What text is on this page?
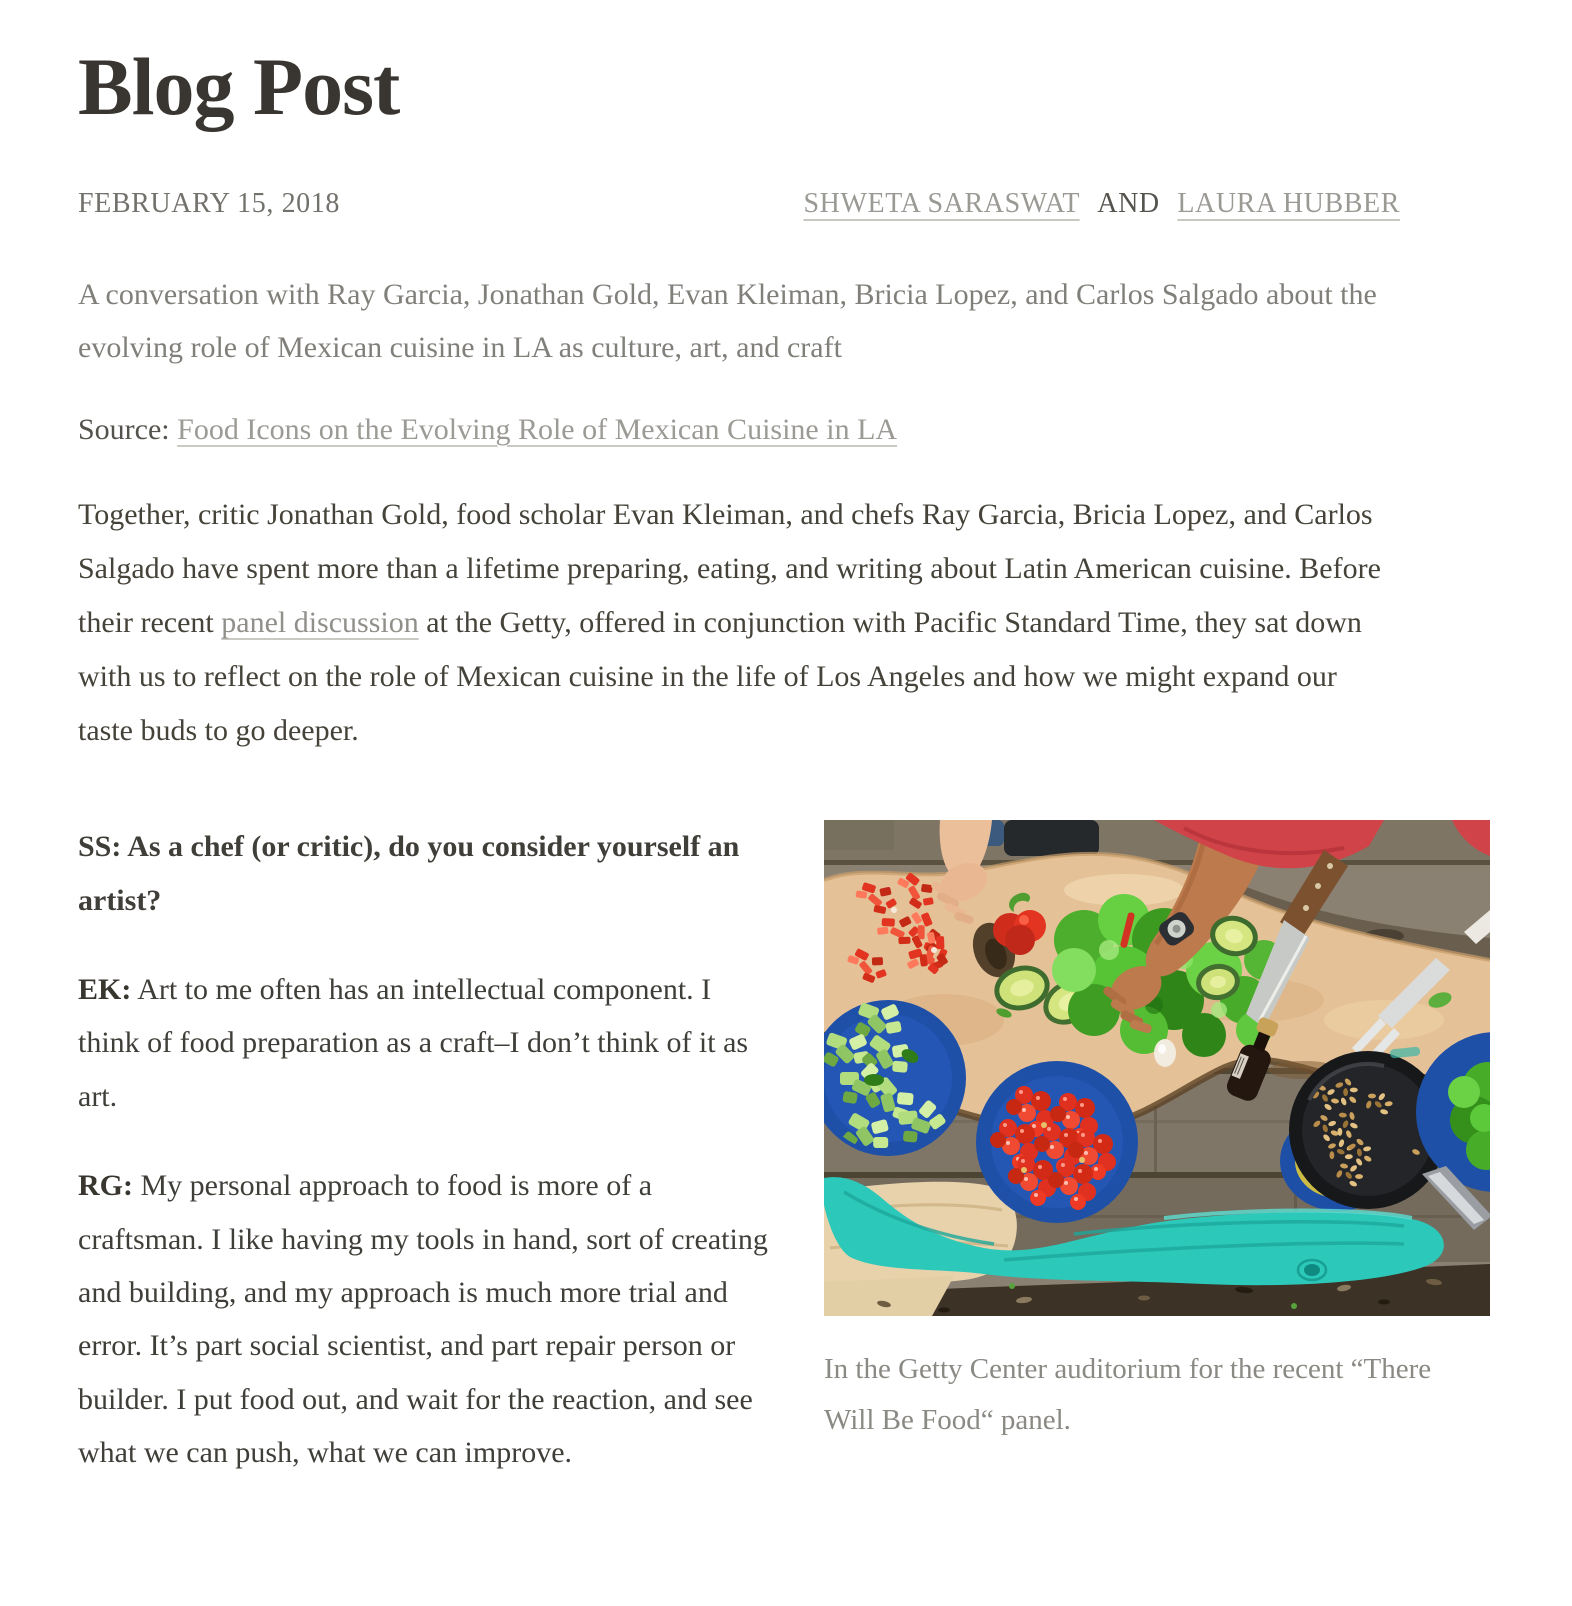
Blog Post
FEBRUARY 15, 2018	SHWETA SARASWAT AND LAURA HUBBER

A conversation with Ray Garcia, Jonathan Gold, Evan Kleiman, Bricia Lopez, and Carlos Salgado about the evolving role of Mexican cuisine in LA as culture, art, and craft

Source: Food Icons on the Evolving Role of Mexican Cuisine in LA

Together, critic Jonathan Gold, food scholar Evan Kleiman, and chefs Ray Garcia, Bricia Lopez, and Carlos Salgado have spent more than a lifetime preparing, eating, and writing about Latin American cuisine. Before their recent panel discussion at the Getty, offered in conjunction with Pacific Standard Time, they sat down with us to reflect on the role of Mexican cuisine in the life of Los Angeles and how we might expand our taste buds to go deeper.

SS: As a chef (or critic), do you consider yourself an artist?

EK: Art to me often has an intellectual component. I think of food preparation as a craft–I don’t think of it as art.

RG: My personal approach to food is more of a craftsman. I like having my tools in hand, sort of creating and building, and my approach is much more trial and error. It’s part social scientist, and part repair person or builder. I put food out, and wait for the reaction, and see what we can push, what we can improve.

In the Getty Center auditorium for the recent “There Will Be Food“ panel.
